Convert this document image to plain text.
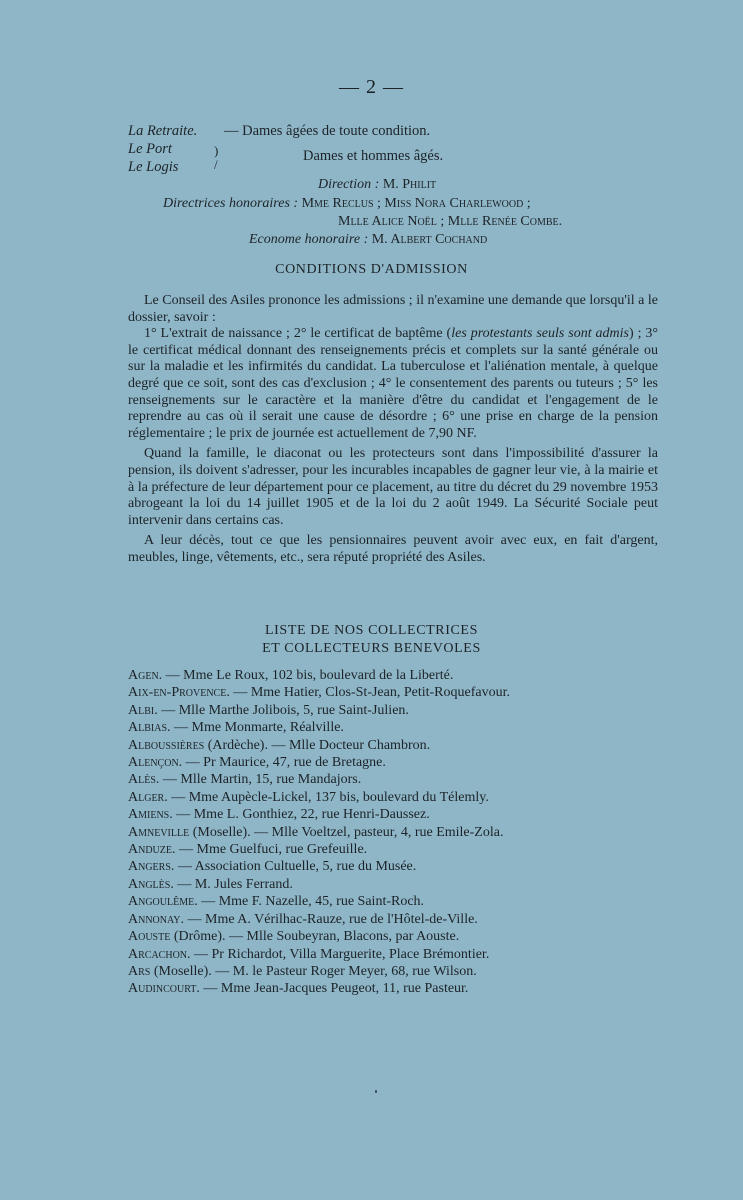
— 2 —
La Retraite. — Dames âgées de toute condition.
Le Port	)
Le Logis	/
Dames et hommes âgés.
Direction : M. Philit
Directrices honoraires : Mme Reclus ; Miss Nora Charlewood ;
Mlle Alice Noël ; Mlle Renée Combe.
Econome honoraire : M. Albert Cochand
CONDITIONS D'ADMISSION

Le Conseil des Asiles prononce les admissions ; il n'examine une demande que lorsqu'il a le dossier, savoir :

1° L'extrait de naissance ; 2° le certificat de baptême (les protestants seuls sont admis) ; 3° le certificat médical donnant des renseignements précis et complets sur la santé générale ou sur la maladie et les infirmités du candidat. La tuberculose et l'aliénation mentale, à quelque degré que ce soit, sont des cas d'exclusion ; 4° le consentement des parents ou tuteurs ; 5° les renseignements sur le caractère et la manière d'être du candidat et l'engagement de le reprendre au cas où il serait une cause de désordre ; 6° une prise en charge de la pension réglementaire ; le prix de journée est actuellement de 7,90 NF.

Quand la famille, le diaconat ou les protecteurs sont dans l'impossibilité d'assurer la pension, ils doivent s'adresser, pour les incurables incapables de gagner leur vie, à la mairie et à la préfecture de leur département pour ce placement, au titre du décret du 29 novembre 1953 abrogeant la loi du 14 juillet 1905 et de la loi du 2 août 1949. La Sécurité Sociale peut intervenir dans certains cas.

A leur décès, tout ce que les pensionnaires peuvent avoir avec eux, en fait d'argent, meubles, linge, vêtements, etc., sera réputé propriété des Asiles.

LISTE DE NOS COLLECTRICES
ET COLLECTEURS BENEVOLES
Agen. — Mme Le Roux, 102 bis, boulevard de la Liberté.
Aix-en-Provence. — Mme Hatier, Clos-St-Jean, Petit-Roquefavour.
Albi. — Mlle Marthe Jolibois, 5, rue Saint-Julien.
Albias. — Mme Monmarte, Réalville.
Alboussières (Ardèche). — Mlle Docteur Chambron.
Alençon. — Pr Maurice, 47, rue de Bretagne.
Alès. — Mlle Martin, 15, rue Mandajors.
Alger. — Mme Aupècle-Lickel, 137 bis, boulevard du Télemly.
Amiens. — Mme L. Gonthiez, 22, rue Henri-Daussez.
Amneville (Moselle). — Mlle Voeltzel, pasteur, 4, rue Emile-Zola.
Anduze. — Mme Guelfuci, rue Grefeuille.
Angers. — Association Cultuelle, 5, rue du Musée.
Anglès. — M. Jules Ferrand.
Angoulême. — Mme F. Nazelle, 45, rue Saint-Roch.
Annonay. — Mme A. Vérilhac-Rauze, rue de l'Hôtel-de-Ville.
Aouste (Drôme). — Mlle Soubeyran, Blacons, par Aouste.
Arcachon. — Pr Richardot, Villa Marguerite, Place Brémontier.
Ars (Moselle). — M. le Pasteur Roger Meyer, 68, rue Wilson.
Audincourt. — Mme Jean-Jacques Peugeot, 11, rue Pasteur.
